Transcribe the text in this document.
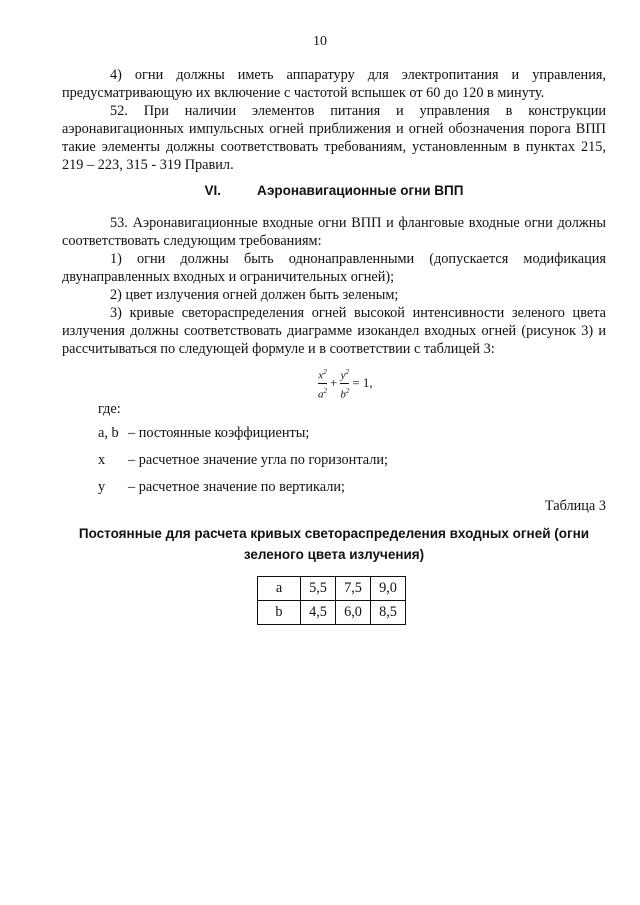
10
4) огни должны иметь аппаратуру для электропитания и управления, предусматривающую их включение с частотой вспышек от 60 до 120 в минуту.
52. При наличии элементов питания и управления в конструкции аэронавигационных импульсных огней приближения и огней обозначения порога ВПП такие элементы должны соответствовать требованиям, установленным в пунктах 215, 219 – 223, 315 - 319 Правил.
VI.	Аэронавигационные огни ВПП
53. Аэронавигационные входные огни ВПП и фланговые входные огни должны соответствовать следующим требованиям:
1) огни должны быть однонаправленными (допускается модификация двунаправленных входных и ограничительных огней);
2) цвет излучения огней должен быть зеленым;
3) кривые светораспределения огней высокой интенсивности зеленого цвета излучения должны соответствовать диаграмме изокандел входных огней (рисунок 3) и рассчитываться по следующей формуле и в соответствии с таблицей 3:
$\frac{x^2}{a^2} + \frac{y^2}{b^2} = 1$,
где:
a, b – постоянные коэффициенты;
x	– расчетное значение угла по горизонтали;
y	– расчетное значение по вертикали;
Таблица 3
Постоянные для расчета кривых светораспределения входных огней (огни зеленого цвета излучения)
a	5,5	7,5	9,0
b	4,5	6,0	8,5
